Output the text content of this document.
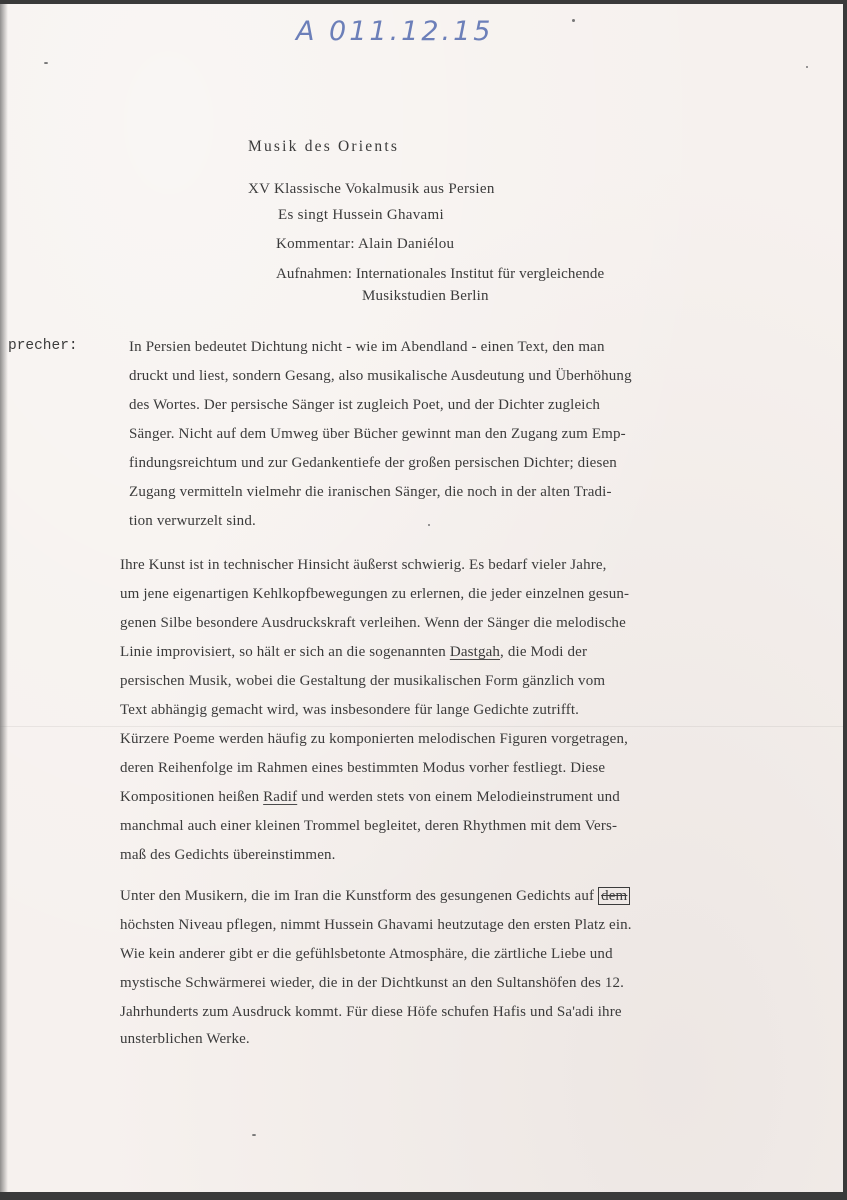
A 011.12.15
Musik des Orients
XV Klassische Vokalmusik aus Persien
Es singt Hussein Ghavami
Kommentar: Alain Daniélou
Aufnahmen: Internationales Institut für vergleichende
Musikstudien Berlin
precher:	In Persien bedeutet Dichtung nicht - wie im Abendland - einen Text, den man
druckt und liest, sondern Gesang, also musikalische Ausdeutung und Überhöhung
des Wortes. Der persische Sänger ist zugleich Poet, und der Dichter zugleich
Sänger. Nicht auf dem Umweg über Bücher gewinnt man den Zugang zum Emp-
findungsreichtum und zur Gedankentiefe der großen persischen Dichter; diesen
Zugang vermitteln vielmehr die iranischen Sänger, die noch in der alten Tradi-
tion verwurzelt sind.
Ihre Kunst ist in technischer Hinsicht äußerst schwierig. Es bedarf vieler Jahre,
um jene eigenartigen Kehlkopfbewegungen zu erlernen, die jeder einzelnen gesun-
genen Silbe besondere Ausdruckskraft verleihen. Wenn der Sänger die melodische
Linie improvisiert, so hält er sich an die sogenannten Dastgah, die Modi der
persischen Musik, wobei die Gestaltung der musikalischen Form gänzlich vom
Text abhängig gemacht wird, was insbesondere für lange Gedichte zutrifft.
Kürzere Poeme werden häufig zu komponierten melodischen Figuren vorgetragen,
deren Reihenfolge im Rahmen eines bestimmten Modus vorher festliegt. Diese
Kompositionen heißen Radif und werden stets von einem Melodieinstrument und
manchmal auch einer kleinen Trommel begleitet, deren Rhythmen mit dem Vers-
maß des Gedichts übereinstimmen.
Unter den Musikern, die im Iran die Kunstform des gesungenen Gedichts auf dem
höchsten Niveau pflegen, nimmt Hussein Ghavami heutzutage den ersten Platz ein.
Wie kein anderer gibt er die gefühlsbetonte Atmosphäre, die zärtliche Liebe und
mystische Schwärmerei wieder, die in der Dichtkunst an den Sultanshöfen des 12.
Jahrhunderts zum Ausdruck kommt. Für diese Höfe schufen Hafis und Sa'adi ihre
unsterblichen Werke.
